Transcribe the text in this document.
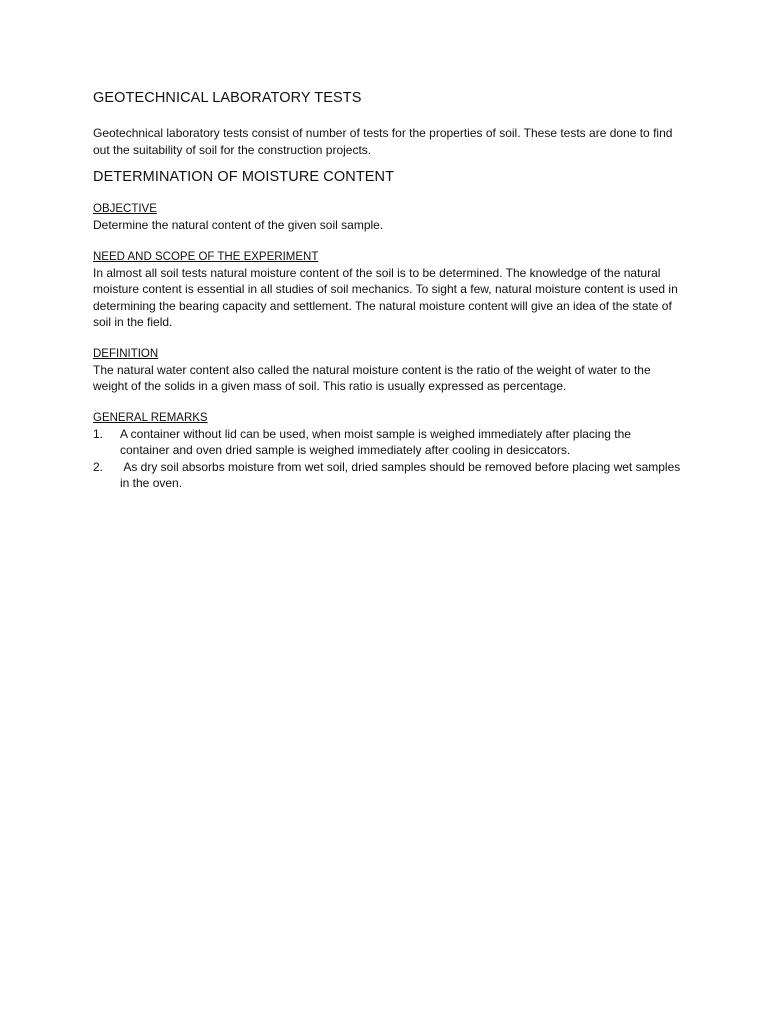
GEOTECHNICAL LABORATORY TESTS

Geotechnical laboratory tests consist of number of tests for the properties of soil. These tests are done to find out the suitability of soil for the construction projects.

DETERMINATION OF MOISTURE CONTENT
OBJECTIVE

Determine the natural content of the given soil sample.

NEED AND SCOPE OF THE EXPERIMENT

In almost all soil tests natural moisture content of the soil is to be determined. The knowledge of the natural moisture content is essential in all studies of soil mechanics. To sight a few, natural moisture content is used in determining the bearing capacity and settlement. The natural moisture content will give an idea of the state of soil in the field.

DEFINITION

The natural water content also called the natural moisture content is the ratio of the weight of water to the weight of the solids in a given mass of soil. This ratio is usually expressed as percentage.

GENERAL REMARKS
1.	A container without lid can be used, when moist sample is weighed immediately after placing the container and oven dried sample is weighed immediately after cooling in desiccators.
2.	As dry soil absorbs moisture from wet soil, dried samples should be removed before placing wet samples in the oven.
